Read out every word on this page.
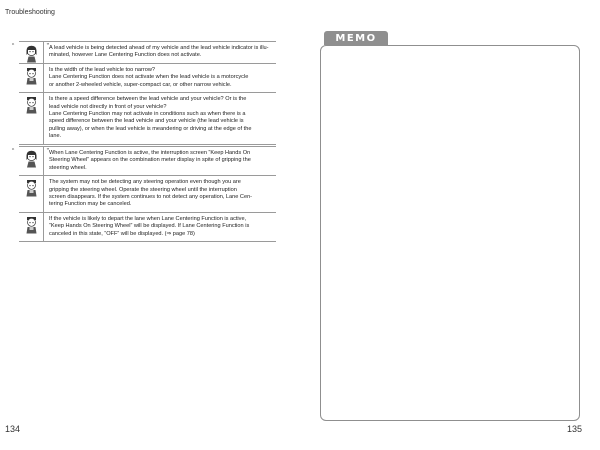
Troubleshooting
“	” A lead vehicle is being detected ahead of my vehicle and the lead vehicle indicator is illu-
minated, however Lane Centering Function does not activate.
Is the width of the lead vehicle too narrow?
Lane Centering Function does not activate when the lead vehicle is a motorcycle
or another 2-wheeled vehicle, super-compact car, or other narrow vehicle.
Is there a speed difference between the lead vehicle and your vehicle? Or is the
lead vehicle not directly in front of your vehicle?
Lane Centering Function may not activate in conditions such as when there is a
speed difference between the lead vehicle and your vehicle (the lead vehicle is
pulling away), or when the lead vehicle is meandering or driving at the edge of the
lane.
“	” When Lane Centering Function is active, the interruption screen “Keep Hands On
Steering Wheel” appears on the combination meter display in spite of gripping the
steering wheel.
The system may not be detecting any steering operation even though you are
gripping the steering wheel. Operate the steering wheel until the interruption
screen disappears. If the system continues to not detect any operation, Lane Cen-
tering Function may be canceled.
If the vehicle is likely to depart the lane when Lane Centering Function is active,
“Keep Hands On Steering Wheel” will be displayed. If Lane Centering Function is
canceled in this state, “OFF” will be displayed. (⇒ page 78)
134
MEMO
135
